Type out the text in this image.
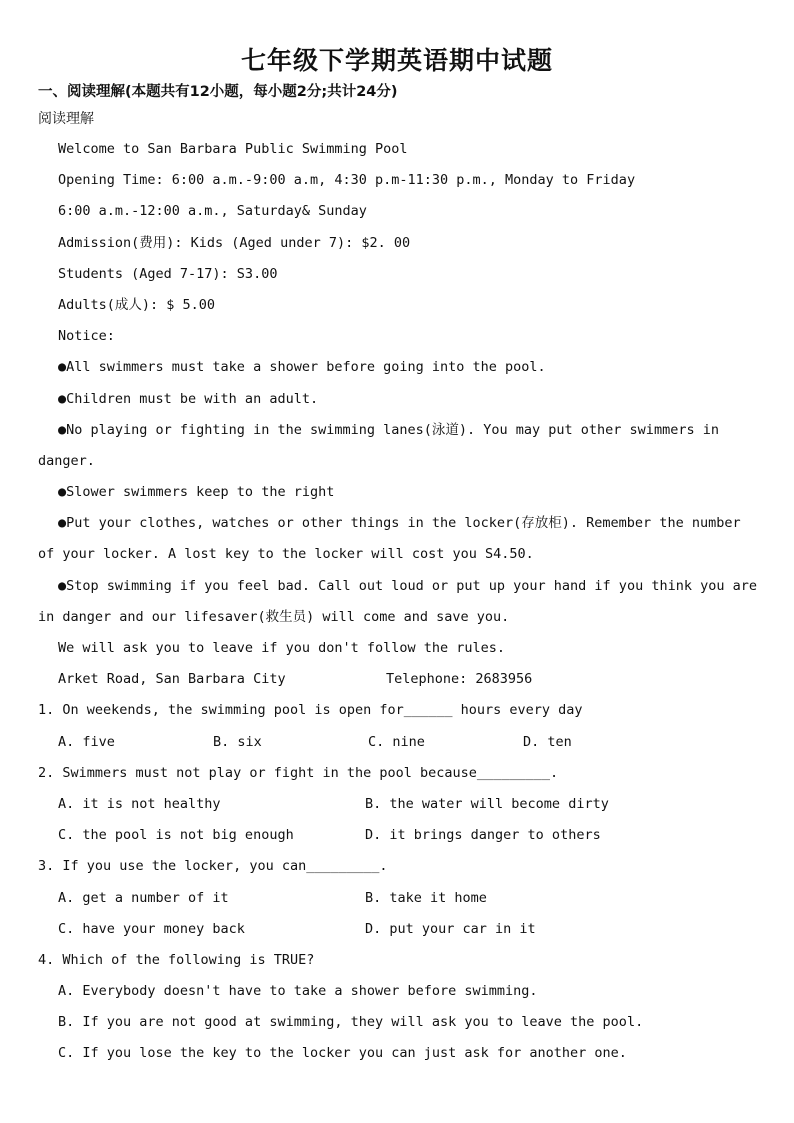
七年级下学期英语期中试题
一、阅读理解(本题共有12小题，每小题2分;共计24分)
阅读理解
Welcome to San Barbara Public Swimming Pool
Opening Time: 6:00 a.m.-9:00 a.m, 4:30 p.m-11:30 p.m., Monday to Friday
6:00 a.m.-12:00 a.m., Saturday& Sunday
Admission(费用): Kids (Aged under 7): $2. 00
Students (Aged 7-17): S3.00
Adults(成人): $ 5.00
Notice:
●All swimmers must take a shower before going into the pool.
●Children must be with an adult.
●No playing or fighting in the swimming lanes(泳道). You may put other swimmers in
danger.
●Slower swimmers keep to the right
●Put your clothes, watches or other things in the locker(存放柜). Remember the number
of your locker. A lost key to the locker will cost you S4.50.
●Stop swimming if you feel bad. Call out loud or put up your hand if you think you are
in danger and our lifesaver(救生员) will come and save you.
We will ask you to leave if you don't follow the rules.
Arket Road, San Barbara City	Telephone: 2683956
1. On weekends, the swimming pool is open for______ hours every day
A. five	B. six	C. nine	D. ten
2. Swimmers must not play or fight in the pool because_________.
A. it is not healthy	B. the water will become dirty
C. the pool is not big enough	D. it brings danger to others
3. If you use the locker, you can_________.
A. get a number of it	B. take it home
C. have your money back	D. put your car in it
4. Which of the following is TRUE?
A. Everybody doesn't have to take a shower before swimming.
B. If you are not good at swimming, they will ask you to leave the pool.
C. If you lose the key to the locker you can just ask for another one.
